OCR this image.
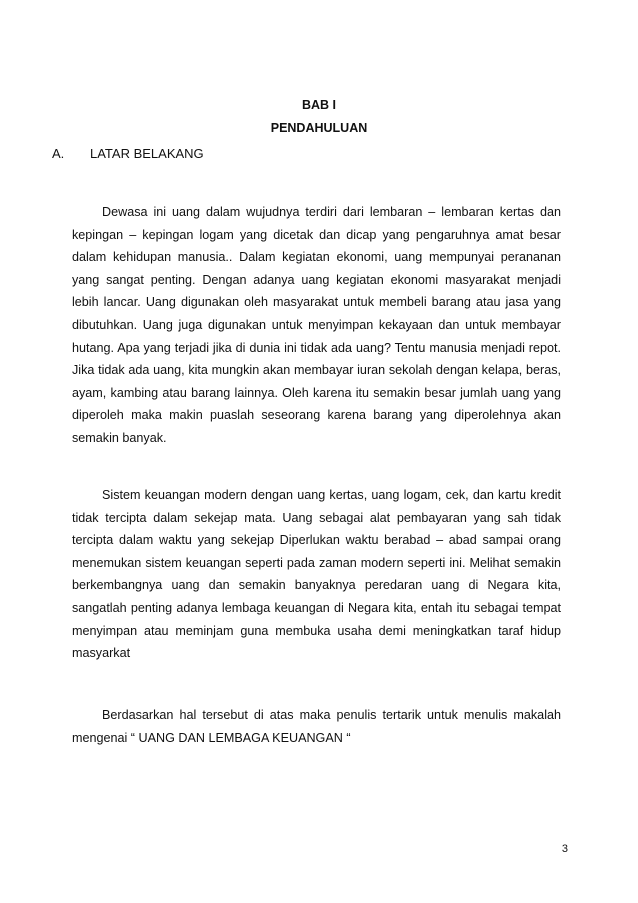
BAB I
PENDAHULUAN
A. LATAR BELAKANG

Dewasa ini uang dalam wujudnya terdiri dari lembaran – lembaran kertas dan kepingan – kepingan logam yang dicetak dan dicap yang pengaruhnya amat besar dalam kehidupan manusia.. Dalam kegiatan ekonomi, uang mempunyai perananan yang sangat penting. Dengan adanya uang kegiatan ekonomi masyarakat menjadi lebih lancar. Uang digunakan oleh masyarakat untuk membeli barang atau jasa yang dibutuhkan. Uang juga digunakan untuk menyimpan kekayaan dan untuk membayar hutang. Apa yang terjadi jika di dunia ini tidak ada uang? Tentu manusia menjadi repot. Jika tidak ada uang, kita mungkin akan membayar iuran sekolah dengan kelapa, beras, ayam, kambing atau barang lainnya. Oleh karena itu semakin besar jumlah uang yang diperoleh maka makin puaslah seseorang karena barang yang diperolehnya akan semakin banyak.

Sistem keuangan modern dengan uang kertas, uang logam, cek, dan kartu kredit tidak tercipta dalam sekejap mata. Uang sebagai alat pembayaran yang sah tidak tercipta dalam waktu yang sekejap Diperlukan waktu berabad – abad sampai orang menemukan sistem keuangan seperti pada zaman modern seperti ini. Melihat semakin berkembangnya uang dan semakin banyaknya peredaran uang di Negara kita, sangatlah penting adanya lembaga keuangan di Negara kita, entah itu sebagai tempat menyimpan atau meminjam guna membuka usaha demi meningkatkan taraf hidup masyarkat

Berdasarkan hal tersebut di atas maka penulis tertarik untuk menulis makalah mengenai “ UANG DAN LEMBAGA KEUANGAN “

3
